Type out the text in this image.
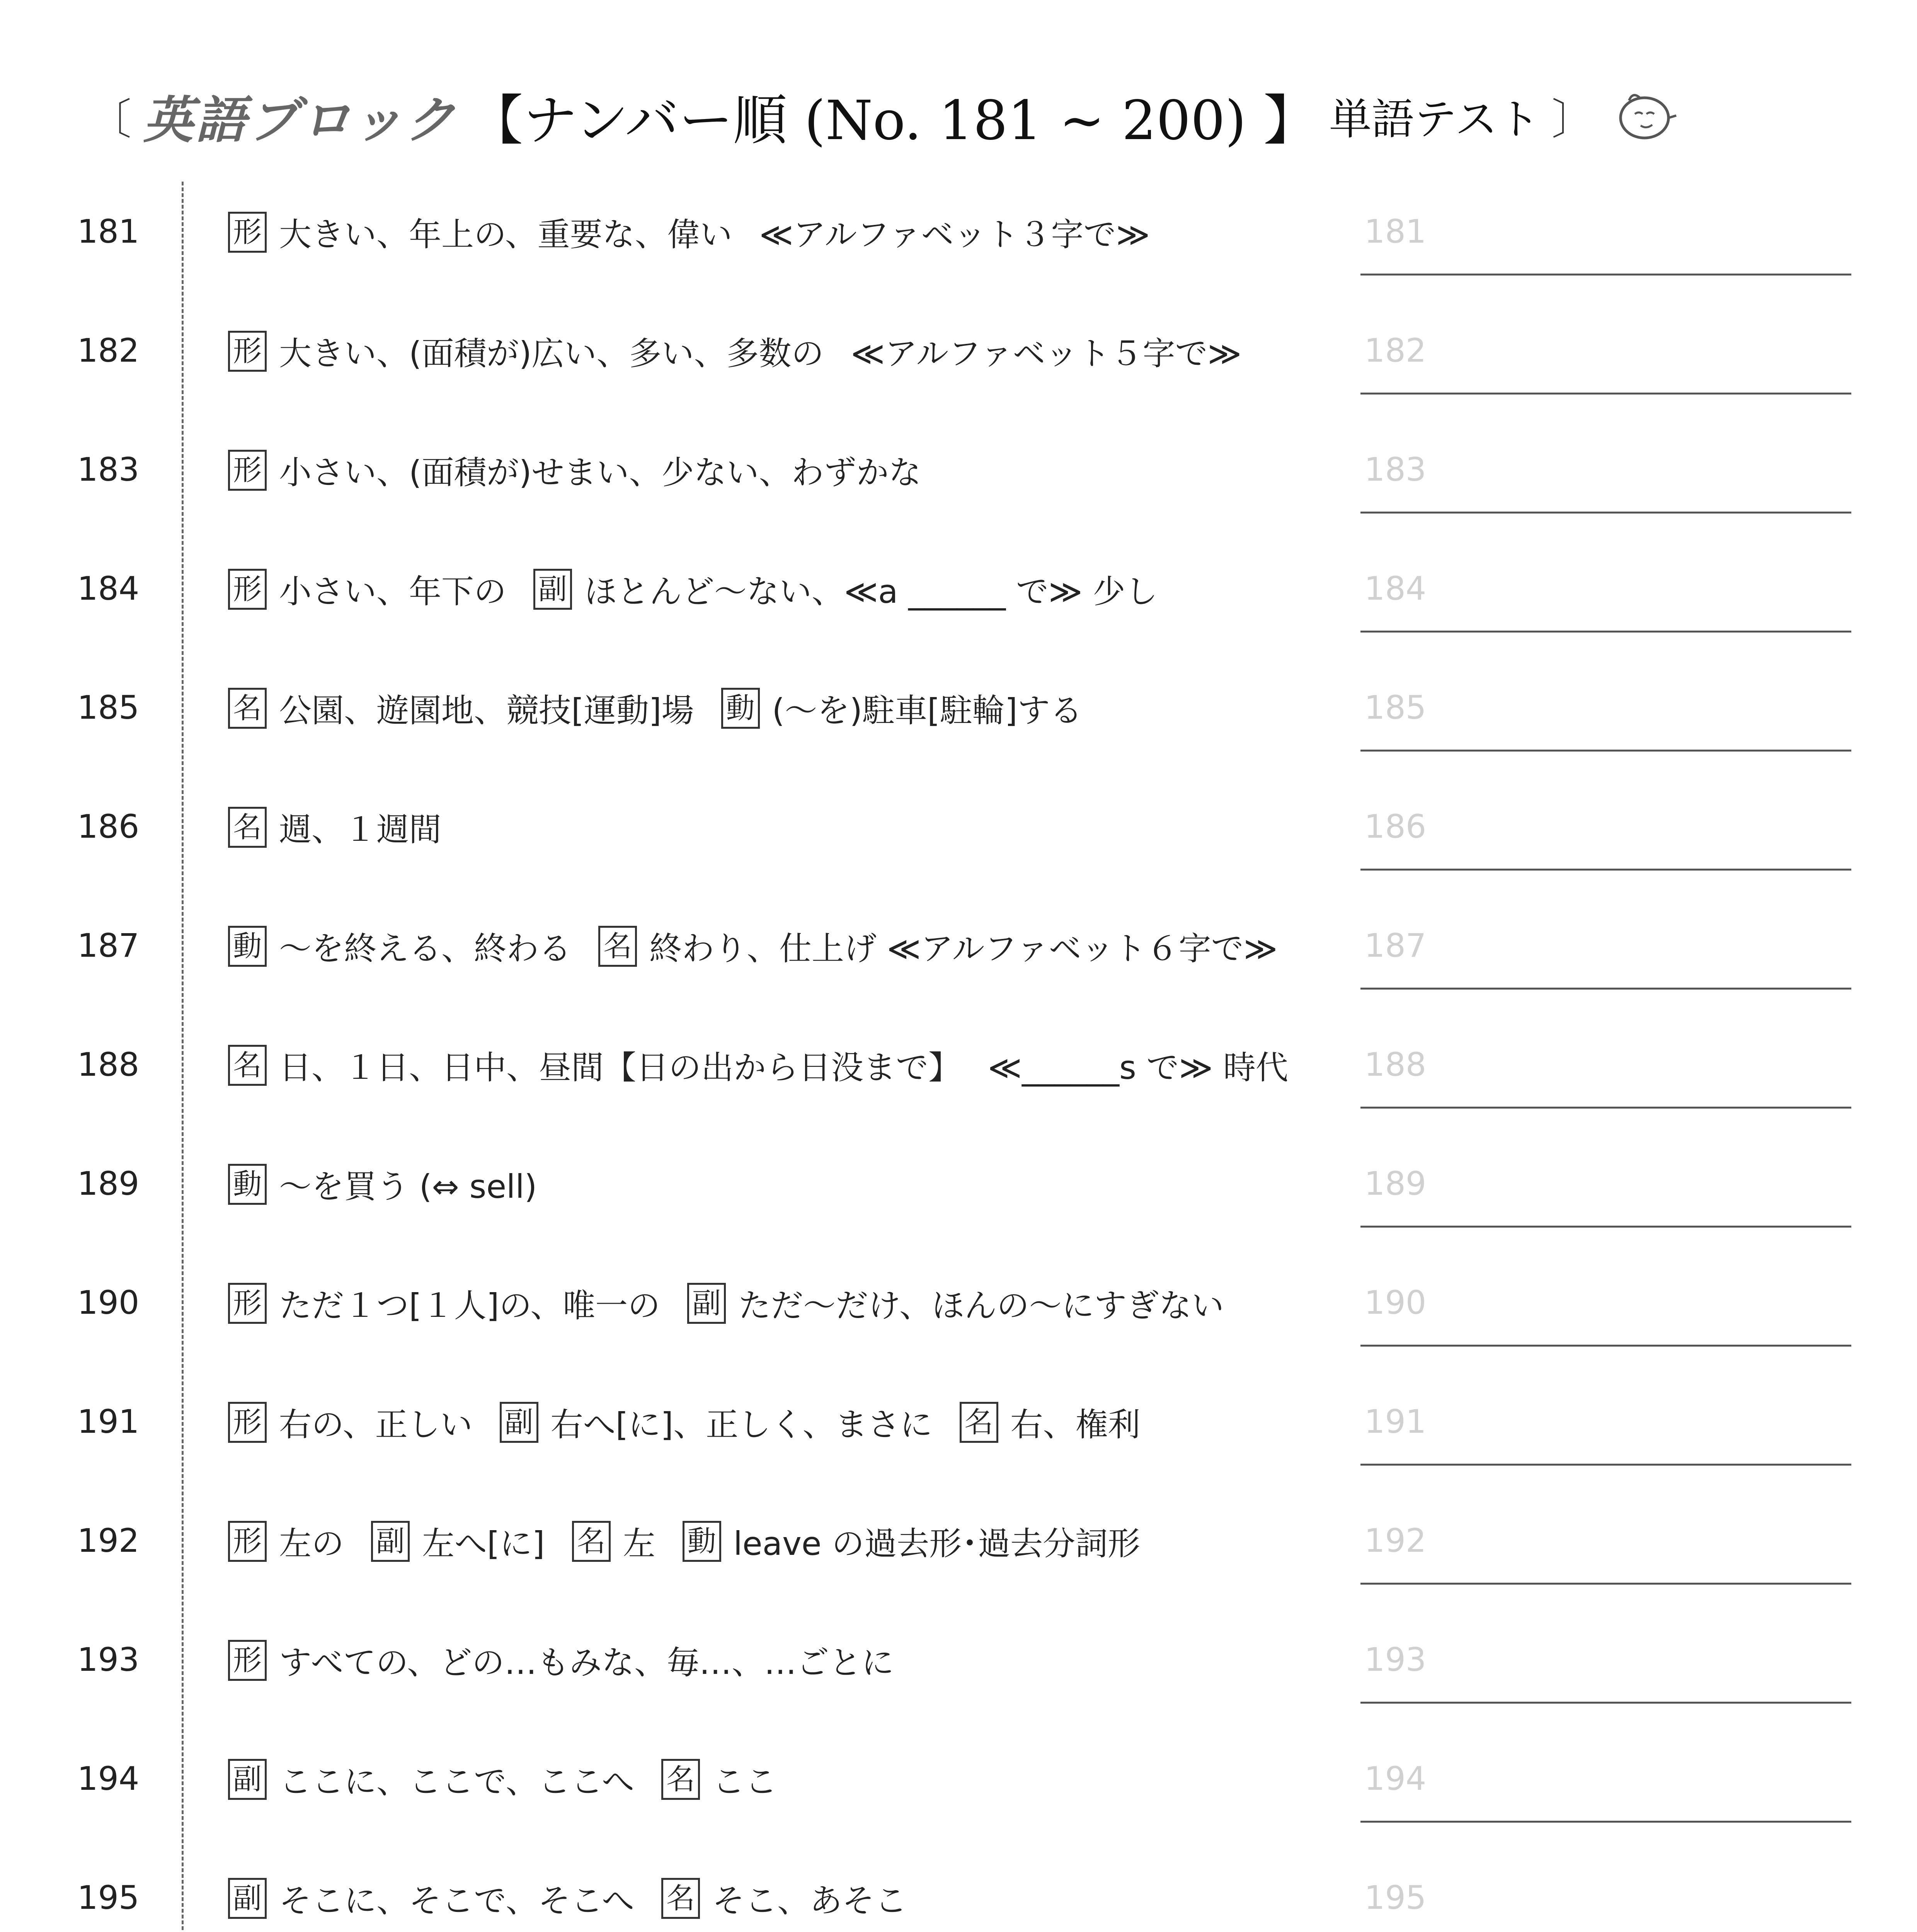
〔 英語ブロック 【ナンバー順 (No. 181 ~ 200) 】 単語テスト 〕
181	形 大きい、年上の、重要な、偉い ≪アルファベット３字で≫	181
182	形 大きい、(面積が)広い、多い、多数の ≪アルファベット５字で≫	182
183	形 小さい、(面積が)せまい、少ない、わずかな	183
184	形 小さい、年下の 副 ほとんど〜ない、≪a ______ で≫ 少し	184
185	名 公園、遊園地、競技[運動]場 動 (〜を)駐車[駐輪]する	185
186	名 週、１週間	186
187	動 〜を終える、終わる 名 終わり、仕上げ ≪アルファベット６字で≫	187
188	名 日、１日、日中、昼間【日の出から日没まで】 ≪______s で≫ 時代 188
189	動 〜を買う (⇔ sell)	189
190	形 ただ１つ[１人]の、唯一の 副 ただ〜だけ、ほんの〜にすぎない	190
191	形 右の、正しい 副 右へ[に]、正しく、まさに 名 右、権利	191
192	形 左の 副 左へ[に] 名 左 動 leave の過去形･過去分詞形	192
193	形 すべての、どの…もみな、毎…、…ごとに	193
194	副 ここに、ここで、ここへ 名 ここ	194
195	副 そこに、そこで、そこへ 名 そこ、あそこ	195
